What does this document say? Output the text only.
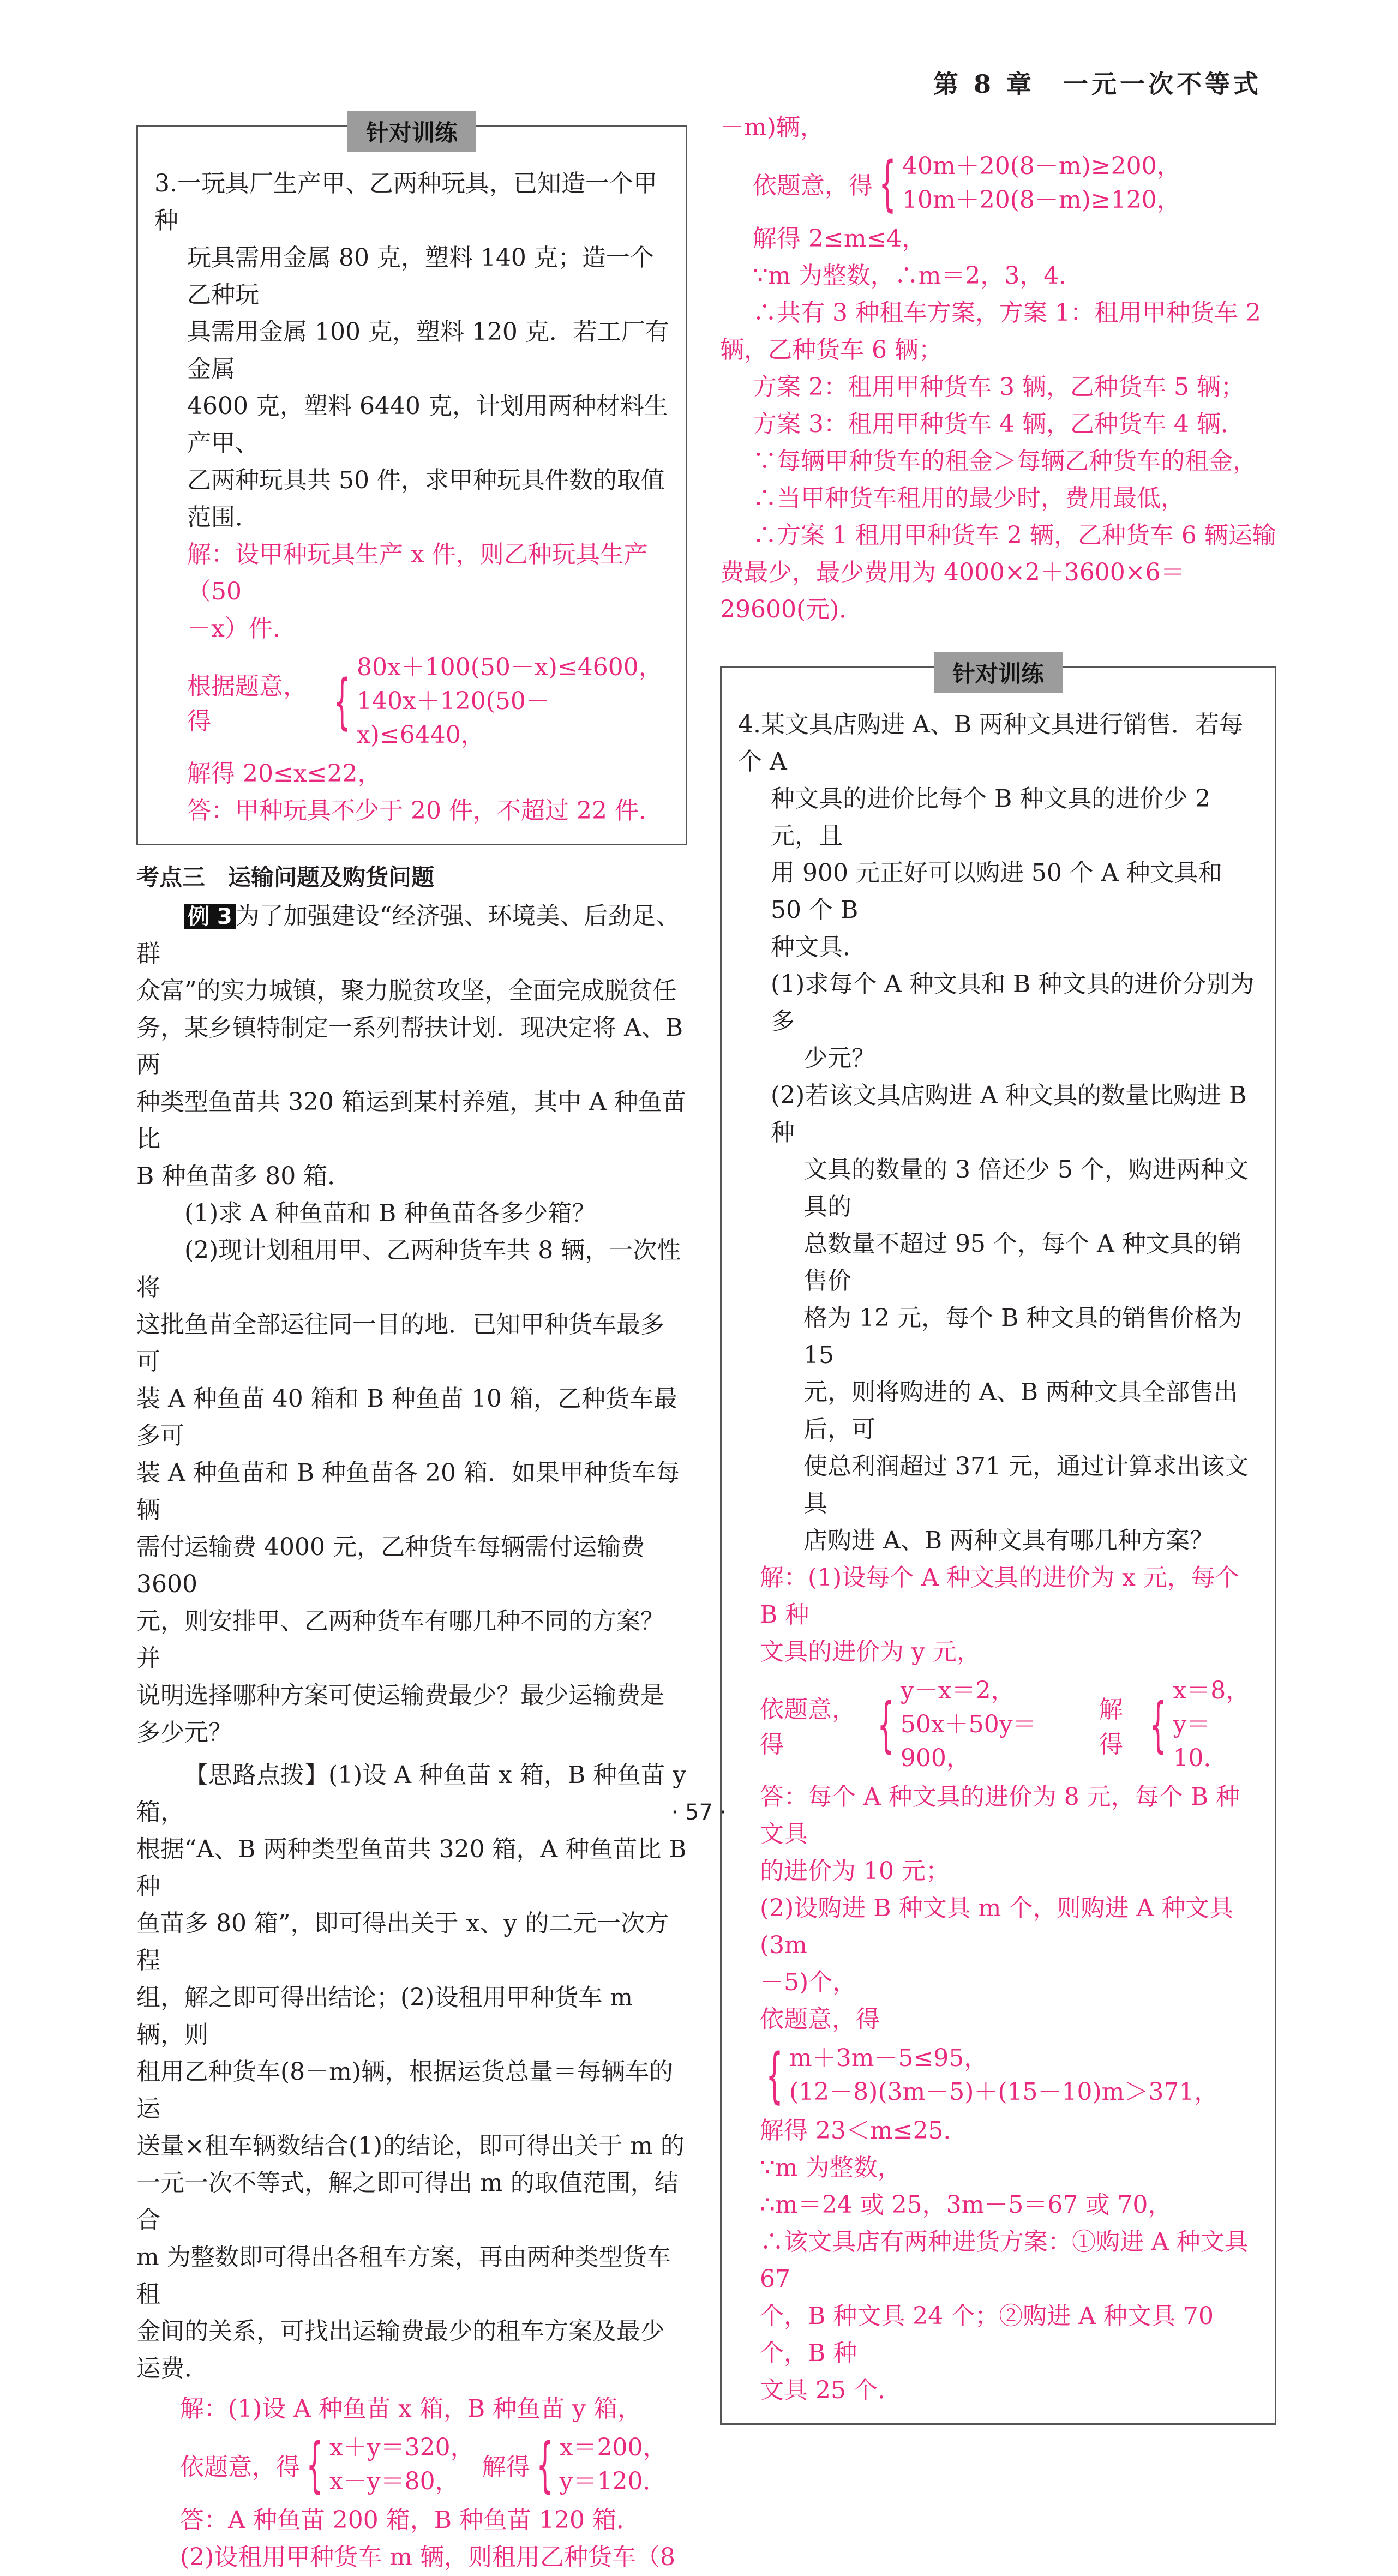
第 8 章　一元一次不等式
针对训练

3.一玩具厂生产甲、乙两种玩具，已知造一个甲种

玩具需用金属 80 克，塑料 140 克；造一个乙种玩

具需用金属 100 克，塑料 120 克．若工厂有金属

4600 克，塑料 6440 克，计划用两种材料生产甲、

乙两种玩具共 50 件，求甲种玩具件数的取值

范围．

解：设甲种玩具生产 x 件，则乙种玩具生产（50

－x）件．

根据题意，得	{ 80x＋100(50－x)≤4600，

140x＋120(50－x)≤6440，

解得 20≤x≤22，

答：甲种玩具不少于 20 件，不超过 22 件．

考点三　运输问题及购货问题

例 3 为了加强建设“经济强、环境美、后劲足、群

众富”的实力城镇，聚力脱贫攻坚，全面完成脱贫任

务，某乡镇特制定一系列帮扶计划．现决定将 A、B 两

种类型鱼苗共 320 箱运到某村养殖，其中 A 种鱼苗比

B 种鱼苗多 80 箱．

(1)求 A 种鱼苗和 B 种鱼苗各多少箱？

(2)现计划租用甲、乙两种货车共 8 辆，一次性将

这批鱼苗全部运往同一目的地．已知甲种货车最多可

装 A 种鱼苗 40 箱和 B 种鱼苗 10 箱，乙种货车最多可

装 A 种鱼苗和 B 种鱼苗各 20 箱．如果甲种货车每辆

需付运输费 4000 元，乙种货车每辆需付运输费 3600

元，则安排甲、乙两种货车有哪几种不同的方案？并

说明选择哪种方案可使运输费最少？最少运输费是

多少元？

【思路点拨】(1)设 A 种鱼苗 x 箱，B 种鱼苗 y 箱，

根据“A、B 两种类型鱼苗共 320 箱，A 种鱼苗比 B 种

鱼苗多 80 箱”，即可得出关于 x、y 的二元一次方程

组，解之即可得出结论；(2)设租用甲种货车 m 辆，则

租用乙种货车(8－m)辆，根据运货总量＝每辆车的运

送量×租车辆数结合(1)的结论，即可得出关于 m 的

一元一次不等式，解之即可得出 m 的取值范围，结合

m 为整数即可得出各租车方案，再由两种类型货车租

金间的关系，可找出运输费最少的租车方案及最少

运费．

解：(1)设 A 种鱼苗 x 箱，B 种鱼苗 y 箱，

依题意，得 { x＋y＝320，

x－y＝80，

解得 { x＝200，

y＝120．

答：A 种鱼苗 200 箱，B 种鱼苗 120 箱．

(2)设租用甲种货车 m 辆，则租用乙种货车（8

－m)辆，

依题意，得 { 40m＋20(8－m)≥200，

10m＋20(8－m)≥120，

解得 2≤m≤4，

∵m 为整数，∴m＝2，3，4．

∴共有 3 种租车方案，方案 1：租用甲种货车 2

辆，乙种货车 6 辆；

方案 2：租用甲种货车 3 辆，乙种货车 5 辆；

方案 3：租用甲种货车 4 辆，乙种货车 4 辆．

∵每辆甲种货车的租金＞每辆乙种货车的租金，

∴当甲种货车租用的最少时，费用最低，

∴方案 1 租用甲种货车 2 辆，乙种货车 6 辆运输

费最少，最少费用为 4000×2＋3600×6＝29600(元)．

针对训练

4.某文具店购进 A、B 两种文具进行销售．若每个 A

种文具的进价比每个 B 种文具的进价少 2 元，且

用 900 元正好可以购进 50 个 A 种文具和 50 个 B

种文具．

(1)求每个 A 种文具和 B 种文具的进价分别为多

少元？

(2)若该文具店购进 A 种文具的数量比购进 B 种

文具的数量的 3 倍还少 5 个，购进两种文具的

总数量不超过 95 个，每个 A 种文具的销售价

格为 12 元，每个 B 种文具的销售价格为 15

元，则将购进的 A、B 两种文具全部售出后，可

使总利润超过 371 元，通过计算求出该文具

店购进 A、B 两种文具有哪几种方案？

解：(1)设每个 A 种文具的进价为 x 元，每个 B 种

文具的进价为 y 元，

依题意，得	{ y－x＝2，

50x＋50y＝900，

解得 { x＝8，

y＝10．

答：每个 A 种文具的进价为 8 元，每个 B 种文具

的进价为 10 元；

(2)设购进 B 种文具 m 个，则购进 A 种文具(3m

－5)个，

依题意，得

{ m＋3m－5≤95，

(12－8)(3m－5)＋(15－10)m＞371，

解得 23＜m≤25．

∵m 为整数，

∴m＝24 或 25，3m－5＝67 或 70，

∴该文具店有两种进货方案：①购进 A 种文具 67

个，B 种文具 24 个；②购进 A 种文具 70 个，B 种

文具 25 个．

· 57 ·
